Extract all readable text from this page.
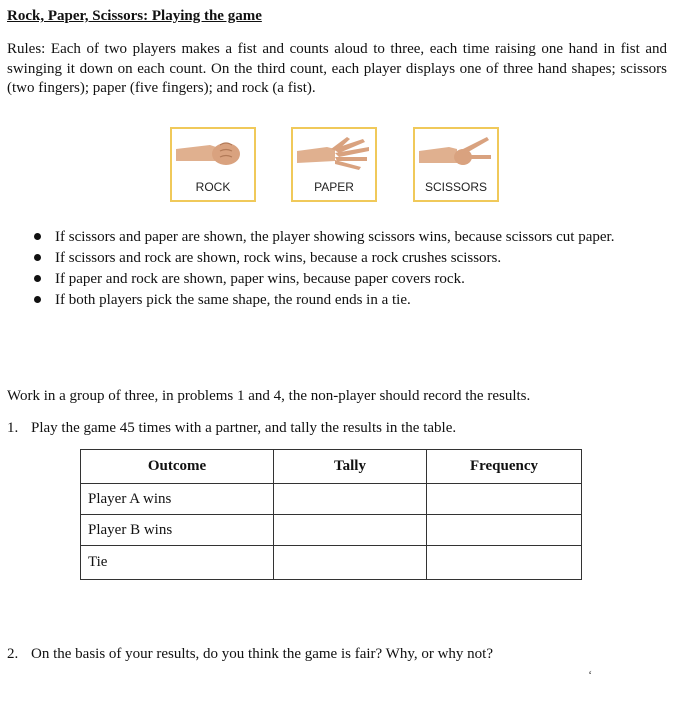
Rock, Paper, Scissors: Playing the game
Rules: Each of two players makes a fist and counts aloud to three, each time raising one hand in fist and swinging it down on each count. On the third count, each player displays one of three hand shapes; scissors (two fingers); paper (five fingers); and rock (a fist).
ROCK	PAPER	SCISSORS
If scissors and paper are shown, the player showing scissors wins, because scissors cut paper.
If scissors and rock are shown, rock wins, because a rock crushes scissors.
If paper and rock are shown, paper wins, because paper covers rock.
If both players pick the same shape, the round ends in a tie.
Work in a group of three, in problems 1 and 4, the non-player should record the results.
1. Play the game 45 times with a partner, and tally the results in the table.
Outcome	Tally	Frequency
Player A wins		
Player B wins		
Tie		
2. On the basis of your results, do you think the game is fair? Why, or why not?
ʻ
